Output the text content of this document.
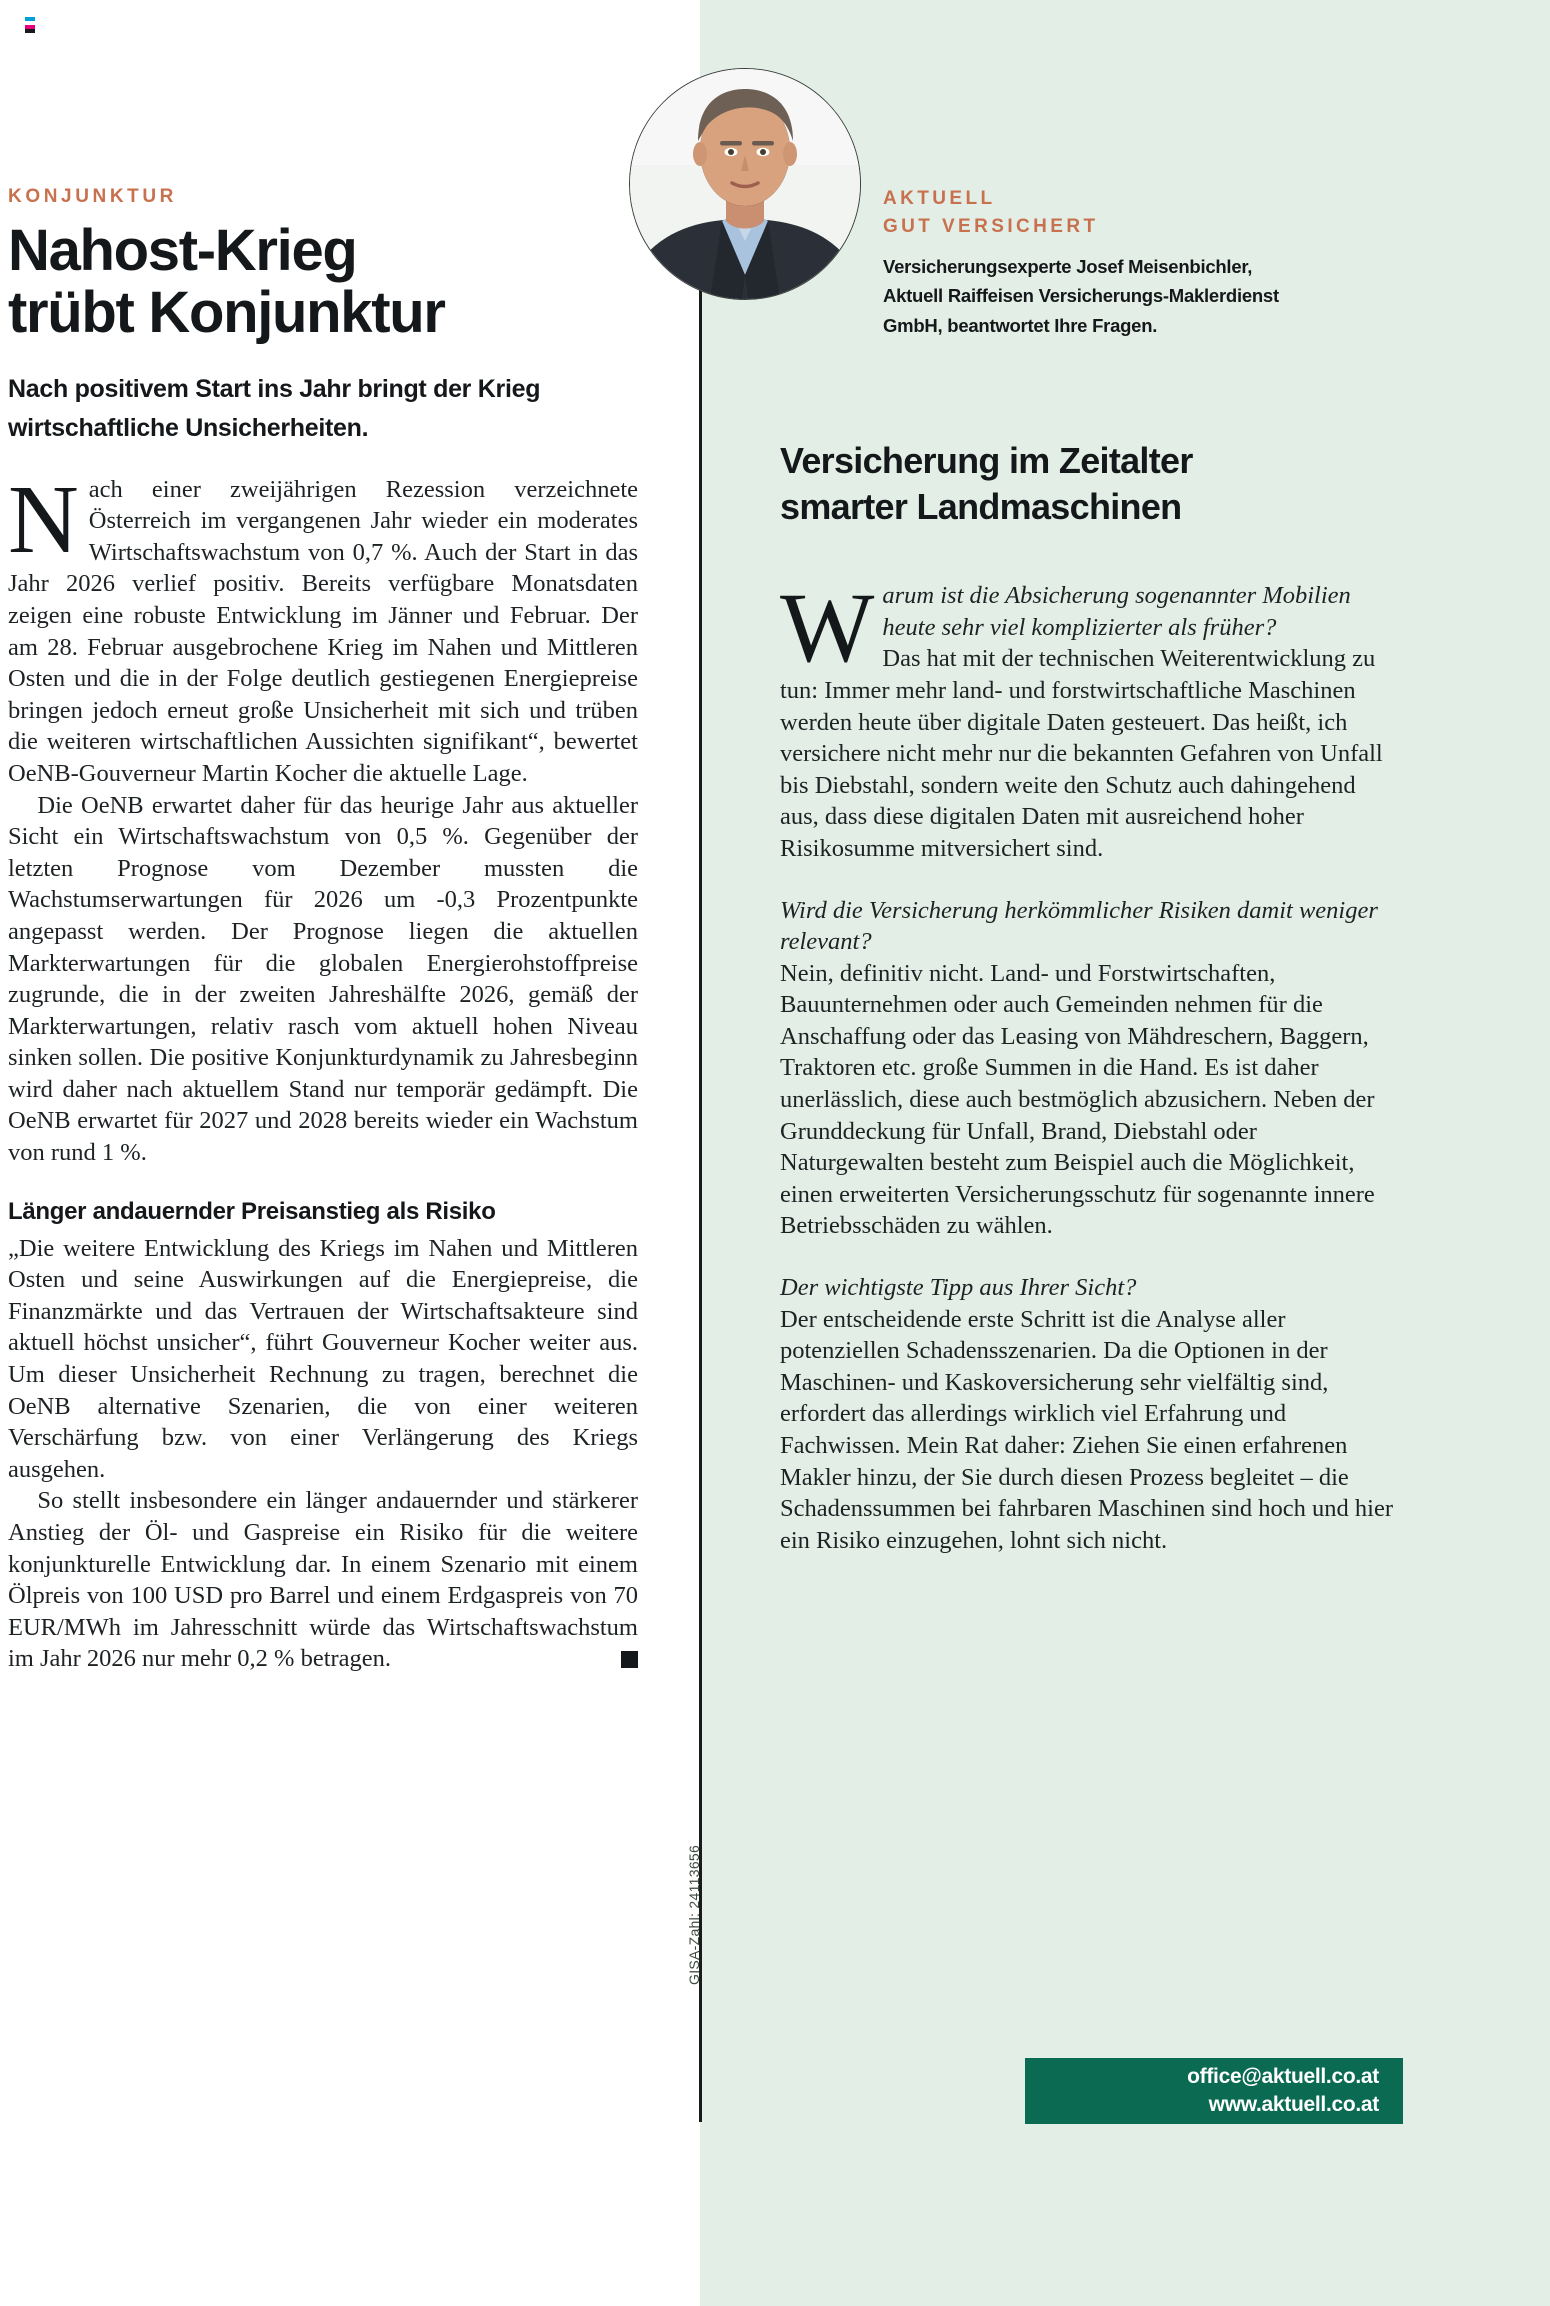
GISA-Zahl: 24113656
KONJUNKTUR
Nahost-Krieg
trübt Konjunktur
Nach positivem Start ins Jahr bringt der Krieg wirtschaftliche Unsicherheiten.

Nach einer zweijährigen Rezession verzeichnete Österreich im vergangenen Jahr wieder ein moderates Wirtschaftswachstum von 0,7 %. Auch der Start in das Jahr 2026 verlief positiv. Bereits verfügbare Monatsdaten zeigen eine robuste Entwicklung im Jänner und Februar. Der am 28. Februar ausgebrochene Krieg im Nahen und Mittleren Osten und die in der Folge deutlich gestiegenen Energiepreise bringen jedoch erneut große Unsicherheit mit sich und trüben die weiteren wirtschaftlichen Aussichten signifikant“, bewertet OeNB-Gouverneur Martin Kocher die aktuelle Lage.

Die OeNB erwartet daher für das heurige Jahr aus aktueller Sicht ein Wirtschaftswachstum von 0,5 %. Gegenüber der letzten Prognose vom Dezember mussten die Wachstumserwartungen für 2026 um -0,3 Prozentpunkte angepasst werden. Der Prognose liegen die aktuellen Markterwartungen für die globalen Energierohstoffpreise zugrunde, die in der zweiten Jahreshälfte 2026, gemäß der Markterwartungen, relativ rasch vom aktuell hohen Niveau sinken sollen. Die positive Konjunkturdynamik zu Jahresbeginn wird daher nach aktuellem Stand nur temporär gedämpft. Die OeNB erwartet für 2027 und 2028 bereits wieder ein Wachstum von rund 1 %.

Länger andauernder Preisanstieg als Risiko

„Die weitere Entwicklung des Kriegs im Nahen und Mittleren Osten und seine Auswirkungen auf die Energiepreise, die Finanzmärkte und das Vertrauen der Wirtschaftsakteure sind aktuell höchst unsicher“, führt Gouverneur Kocher weiter aus. Um dieser Unsicherheit Rechnung zu tragen, berechnet die OeNB alternative Szenarien, die von einer weiteren Verschärfung bzw. von einer Verlängerung des Kriegs ausgehen.

So stellt insbesondere ein länger andauernder und stärkerer Anstieg der Öl- und Gaspreise ein Risiko für die weitere konjunkturelle Entwicklung dar. In einem Szenario mit einem Ölpreis von 100 USD pro Barrel und einem Erdgaspreis von 70 EUR/MWh im Jahresschnitt würde das Wirtschaftswachstum im Jahr 2026 nur mehr 0,2 % betragen.

AKTUELL
GUT VERSICHERT
Versicherungsexperte Josef Meisenbichler, Aktuell Raiffeisen Versicherungs-Maklerdienst GmbH, beantwortet Ihre Fragen.
Versicherung im Zeitalter
smarter Landmaschinen

Warum ist die Absicherung sogenannter Mobilien heute sehr viel komplizierter als früher?

Das hat mit der technischen Weiterentwicklung zu tun: Immer mehr land- und forstwirtschaftliche Maschinen werden heute über digitale Daten gesteuert. Das heißt, ich versichere nicht mehr nur die bekannten Gefahren von Unfall bis Diebstahl, sondern weite den Schutz auch dahingehend aus, dass diese digitalen Daten mit ausreichend hoher Risikosumme mitversichert sind.

Wird die Versicherung herkömmlicher Risiken damit weniger relevant?

Nein, definitiv nicht. Land- und Forstwirtschaften, Bauunternehmen oder auch Gemeinden nehmen für die Anschaffung oder das Leasing von Mähdreschern, Baggern, Traktoren etc. große Summen in die Hand. Es ist daher unerlässlich, diese auch bestmöglich abzusichern. Neben der Grunddeckung für Unfall, Brand, Diebstahl oder Naturgewalten besteht zum Beispiel auch die Möglichkeit, einen erweiterten Versicherungsschutz für sogenannte innere Betriebsschäden zu wählen.

Der wichtigste Tipp aus Ihrer Sicht?

Der entscheidende erste Schritt ist die Analyse aller potenziellen Schadensszenarien. Da die Optionen in der Maschinen- und Kaskoversicherung sehr vielfältig sind, erfordert das allerdings wirklich viel Erfahrung und Fachwissen. Mein Rat daher: Ziehen Sie einen erfahrenen Makler hinzu, der Sie durch diesen Prozess begleitet – die Schadenssummen bei fahrbaren Maschinen sind hoch und hier ein Risiko einzugehen, lohnt sich nicht.

office@aktuell.co.at
www.aktuell.co.at
